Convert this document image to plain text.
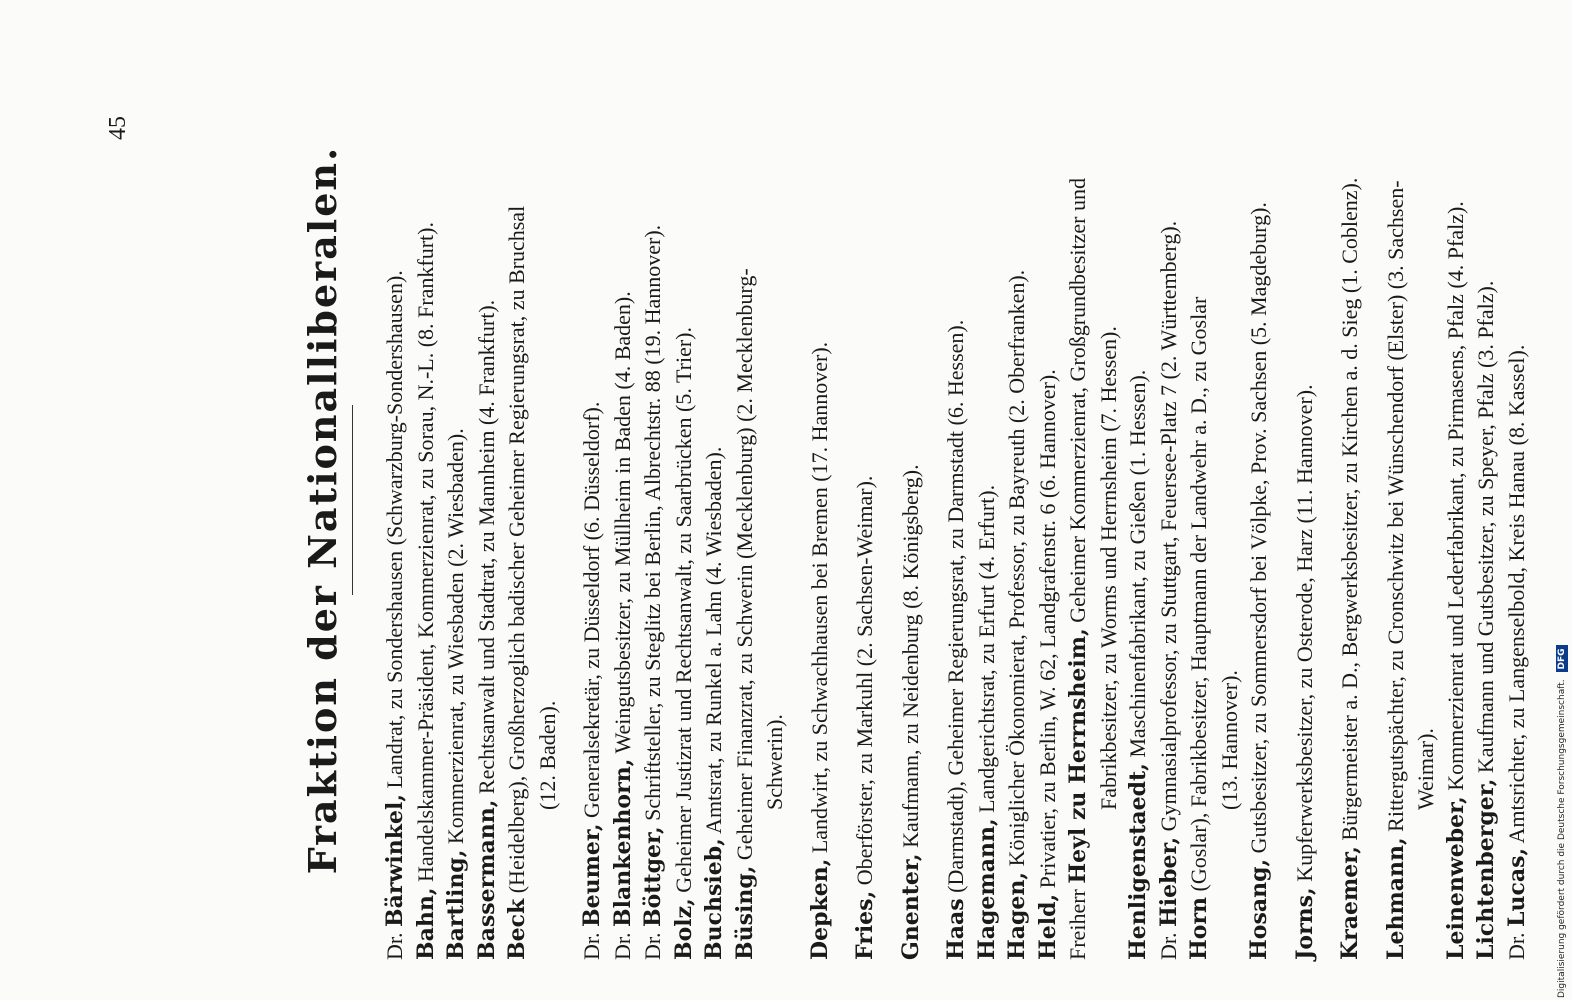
45
Fraktion der Nationalliberalen.

Dr. Bärwinkel, Landrat, zu Sondershausen (Schwarzburg-Sondershausen).

Bahn, Handelskammer-Präsident, Kommerzienrat, zu Sorau, N.-L. (8. Frankfurt).

Bartling, Kommerzienrat, zu Wiesbaden (2. Wiesbaden).

Bassermann, Rechtsanwalt und Stadtrat, zu Mannheim (4. Frankfurt).

Beck (Heidelberg), Großherzoglich badischer Geheimer Regierungsrat, zu Bruchsal (12. Baden).

Dr. Beumer, Generalsekretär, zu Düsseldorf (6. Düsseldorf).

Dr. Blankenhorn, Weingutsbesitzer, zu Müllheim in Baden (4. Baden).

Dr. Böttger, Schriftsteller, zu Steglitz bei Berlin, Albrechtstr. 88 (19. Hannover).

Bolz, Geheimer Justizrat und Rechtsanwalt, zu Saarbrücken (5. Trier).

Buchsieb, Amtsrat, zu Runkel a. Lahn (4. Wiesbaden).

Büsing, Geheimer Finanzrat, zu Schwerin (Mecklenburg) (2. Mecklenburg- Schwerin).

Depken, Landwirt, zu Schwachhausen bei Bremen (17. Hannover).

Fries, Oberförster, zu Markuhl (2. Sachsen-Weimar).

Gnenter, Kaufmann, zu Neidenburg (8. Königsberg).

Haas (Darmstadt), Geheimer Regierungsrat, zu Darmstadt (6. Hessen). Hagemann, Landgerichtsrat, zu Erfurt (4. Erfurt).

Hagen, Königlicher Ökonomierat, Professor, zu Bayreuth (2. Oberfranken).

Held, Privatier, zu Berlin, W. 62, Landgrafenstr. 6 (6. Hannover).

Freiherr Heyl zu Herrnsheim, Geheimer Kommerzienrat, Großgrundbesitzer und Fabrikbesitzer, zu Worms und Herrnsheim (7. Hessen).

Henligenstaedt, Maschinenfabrikant, zu Gießen (1. Hessen).

Dr. Hieber, Gymnasialprofessor, zu Stuttgart, Feuersee-Platz 7 (2. Württemberg).

Horn (Goslar), Fabrikbesitzer, Hauptmann der Landwehr a. D., zu Goslar (13. Hannover).

Hosang, Gutsbesitzer, zu Sommersdorf bei Völpke, Prov. Sachsen (5. Magdeburg).

Jorns, Kupferwerksbesitzer, zu Osterode, Harz (11. Hannover).

Kraemer, Bürgermeister a. D., Bergwerksbesitzer, zu Kirchen a. d. Sieg (1. Coblenz).

Lehmann, Rittergutspächter, zu Cronschwitz bei Wünschendorf (Elster) (3. Sachsen- Weimar).

Leinenweber, Kommerzienrat und Lederfabrikant, zu Pirmasens, Pfalz (4. Pfalz).

Lichtenberger, Kaufmann und Gutsbesitzer, zu Speyer, Pfalz (3. Pfalz).

Dr. Lucas, Amtsrichter, zu Langenselbold, Kreis Hanau (8. Kassel).	Digitalisierung gefördert durch die Deutsche Forschungsgemeinschaft. DFG
